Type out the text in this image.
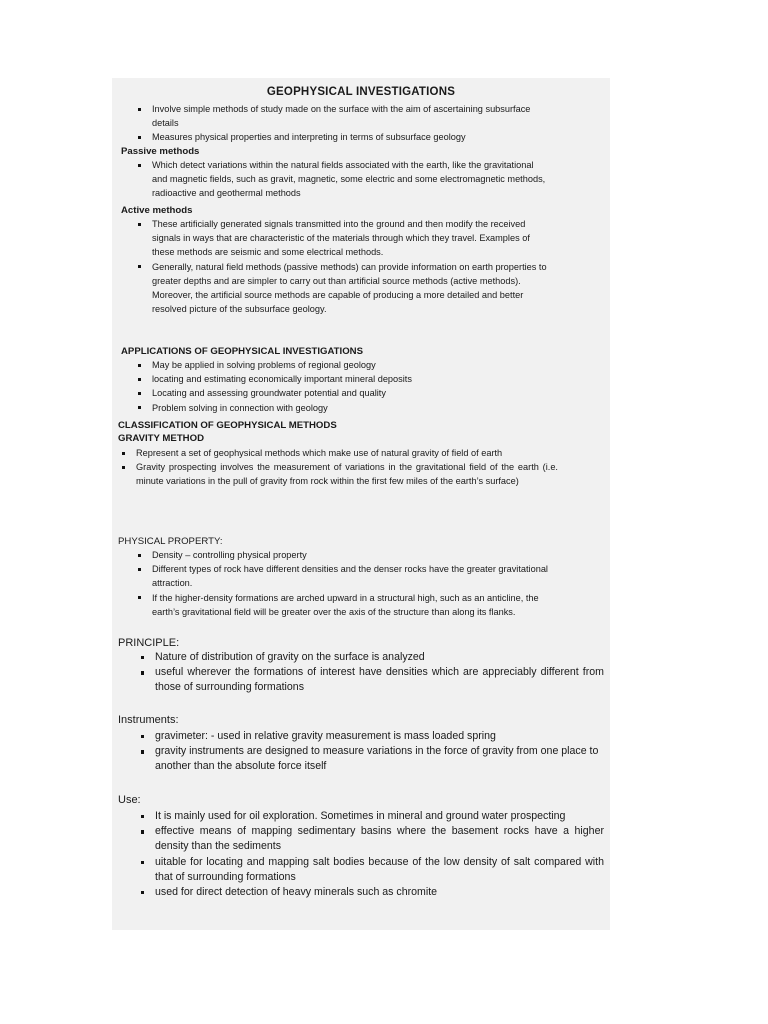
GEOPHYSICAL INVESTIGATIONS
Involve simple methods of study made on the surface with the aim of ascertaining subsurface details
Measures physical properties and interpreting in terms of subsurface geology
Passive methods
Which detect variations within the natural fields associated with the earth, like the gravitational and magnetic fields, such as gravit, magnetic, some electric and some electromagnetic methods, radioactive and geothermal methods
Active methods
These artificially generated signals transmitted into the ground and then modify the received signals in ways that are characteristic of the materials through which they travel. Examples of these methods are seismic and some electrical methods.
Generally, natural field methods (passive methods) can provide information on earth properties to greater depths and are simpler to carry out than artificial source methods (active methods). Moreover, the artificial source methods are capable of producing a more detailed and better resolved picture of the subsurface geology.
APPLICATIONS OF GEOPHYSICAL INVESTIGATIONS
May be applied in solving problems of regional geology
locating and estimating economically important mineral deposits
Locating and assessing groundwater potential and quality
Problem solving in connection with geology
CLASSIFICATION OF GEOPHYSICAL METHODS
GRAVITY METHOD
Represent a set of geophysical methods which make use of natural gravity of field of earth
Gravity prospecting involves the measurement of variations in the gravitational field of the earth (i.e. minute variations in the pull of gravity from rock within the first few miles of the earth’s surface)
PHYSICAL PROPERTY:
Density – controlling physical property
Different types of rock have different densities and the denser rocks have the greater gravitational attraction.
If the higher-density formations are arched upward in a structural high, such as an anticline, the earth’s gravitational field will be greater over the axis of the structure than along its flanks.
PRINCIPLE:
Nature of distribution of gravity on the surface is analyzed
useful wherever the formations of interest have densities which are appreciably different from those of surrounding formations
Instruments:
gravimeter: - used in relative gravity measurement is mass loaded spring
gravity instruments are designed to measure variations in the force of gravity from one place to another than the absolute force itself
Use:
It is mainly used for oil exploration. Sometimes in mineral and ground water prospecting
effective means of mapping sedimentary basins where the basement rocks have a higher density than the sediments
uitable for locating and mapping salt bodies because of the low density of salt compared with that of surrounding formations
used for direct detection of heavy minerals such as chromite
